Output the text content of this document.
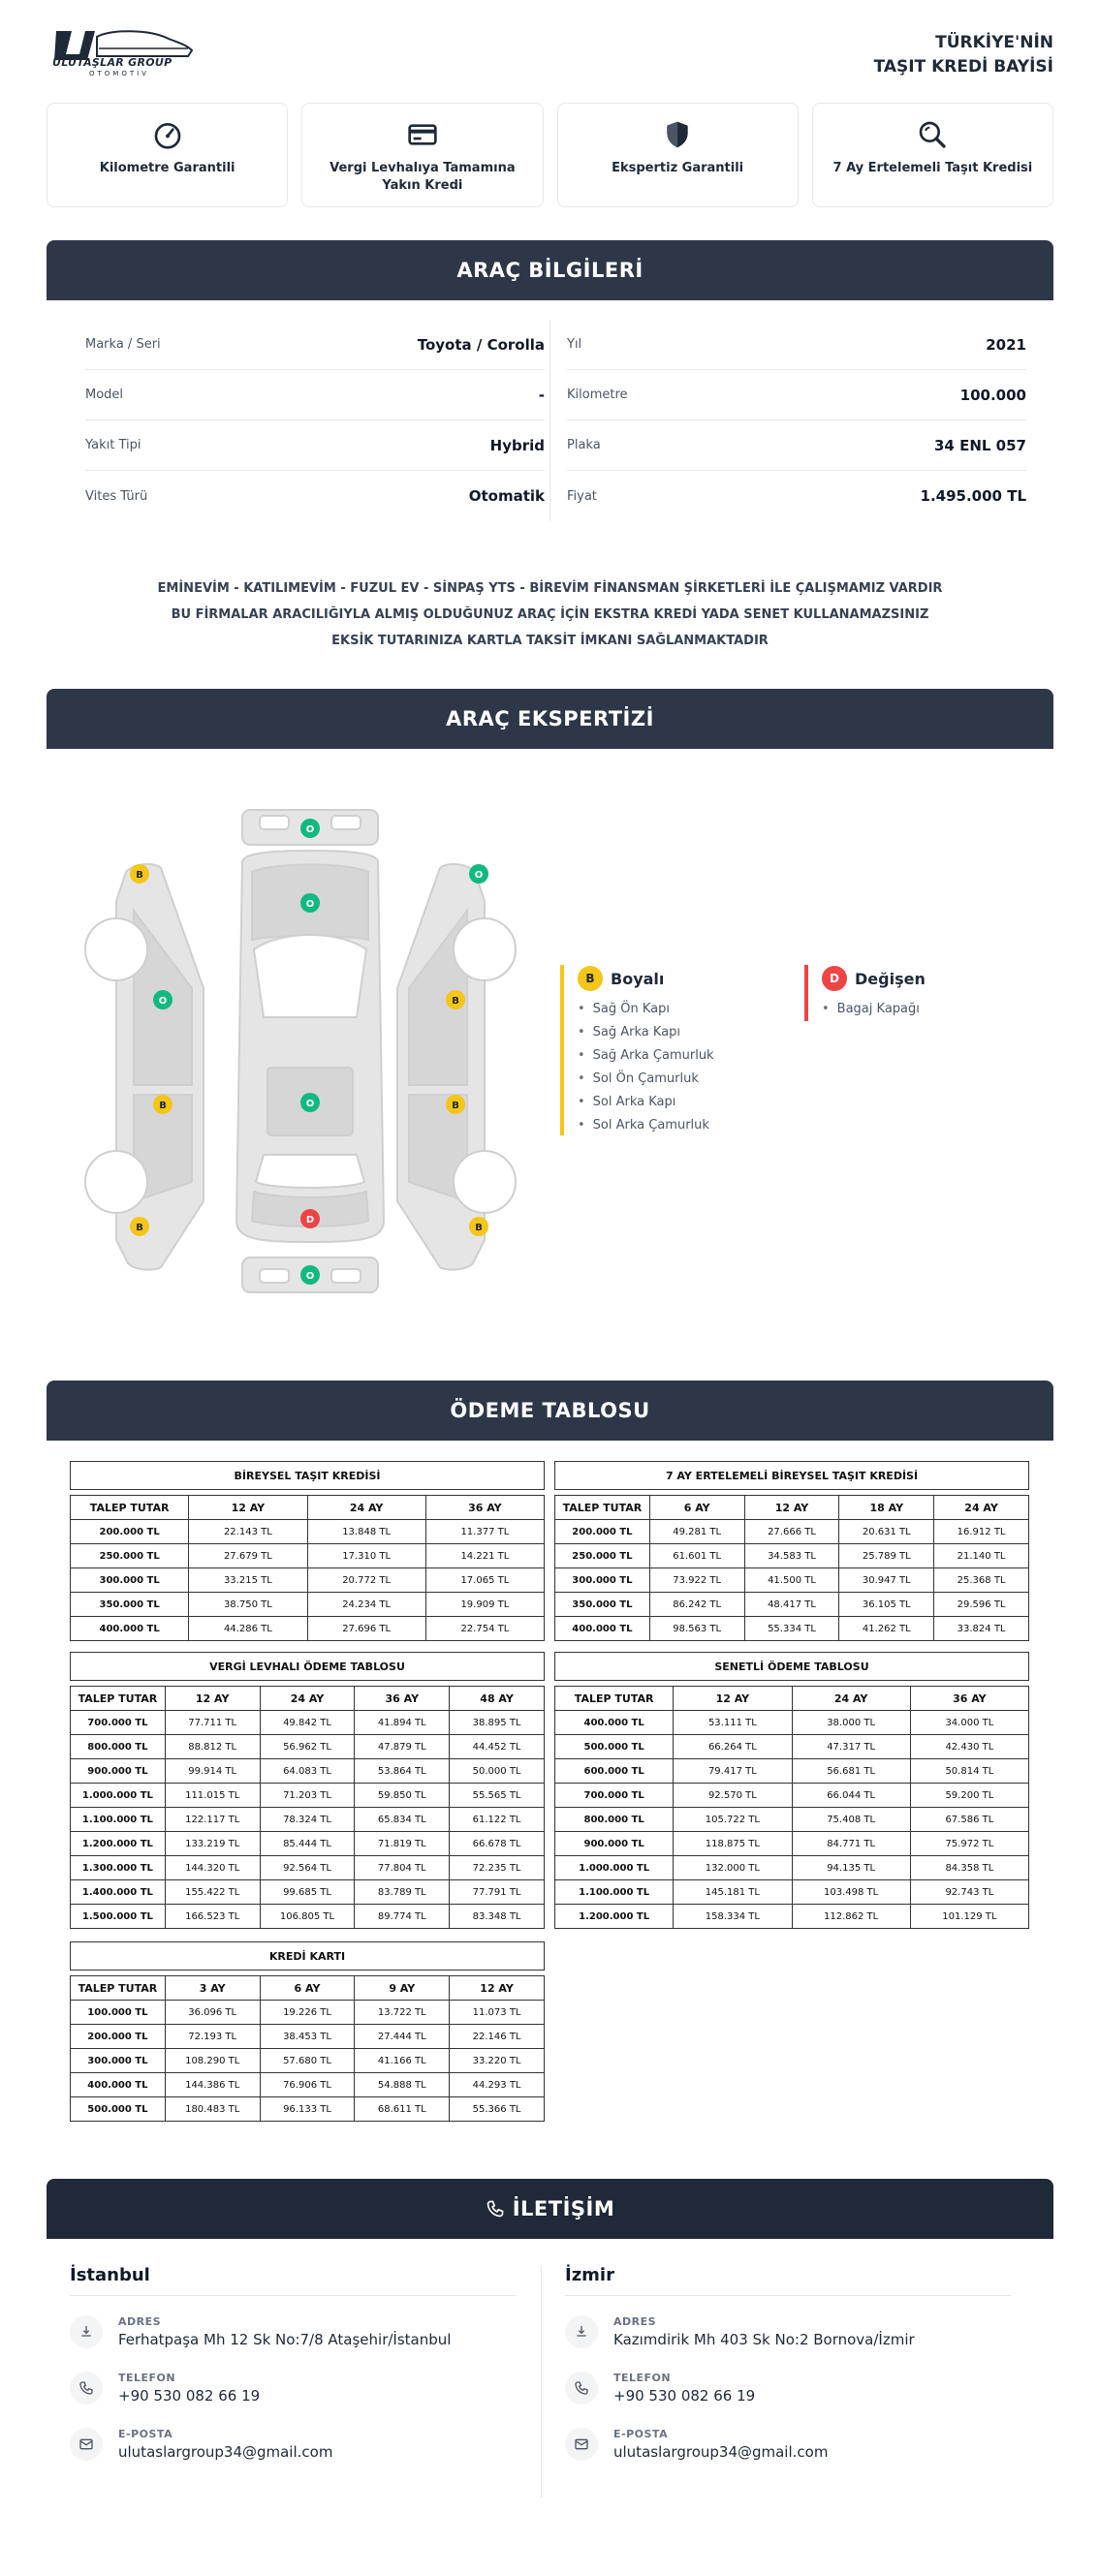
ULUTAŞLAR GROUP
OTOMOTİV
TÜRKİYE'NİN
TAŞIT KREDİ BAYİSİ
Kilometre Garantili	Vergi Levhalıya Tamamına Yakın Kredi
Ekspertiz Garantili	7 Ay Ertelemeli Taşıt Kredisi
ARAÇ BİLGİLERİ
Marka / Seri	Toyota / Corolla
Model	-
Yakıt Tipi	Hybrid
Vites Türü	Otomatik
Yıl	2021
Kilometre	100.000
Plaka	34 ENL 057
Fiyat	1.495.000 TL
EMİNEVİM - KATILIMEVİM - FUZUL EV - SİNPAŞ YTS - BİREVİM FİNANSMAN ŞİRKETLERİ İLE ÇALIŞMAMIZ VARDIR
BU FİRMALAR ARACILIĞIYLA ALMIŞ OLDUĞUNUZ ARAÇ İÇİN EKSTRA KREDİ YADA SENET KULLANAMAZSINIZ
EKSİK TUTARINIZA KARTLA TAKSİT İMKANI SAĞLANMAKTADIR
ARAÇ EKSPERTİZİ
O
O
O
D
O
B
O
B
B
O
B
B
B
B	Boyalı
• Sağ Ön Kapı
• Sağ Arka Kapı
• Sağ Arka Çamurluk
• Sol Ön Çamurluk
• Sol Arka Kapı
• Sol Arka Çamurluk
D	Değişen
• Bagaj Kapağı
ÖDEME TABLOSU
BİREYSEL TAŞIT KREDİSİ
TALEP TUTAR	12 AY	24 AY	36 AY
200.000 TL	22.143 TL	13.848 TL	11.377 TL
250.000 TL	27.679 TL	17.310 TL	14.221 TL
300.000 TL	33.215 TL	20.772 TL	17.065 TL
350.000 TL	38.750 TL	24.234 TL	19.909 TL
400.000 TL	44.286 TL	27.696 TL	22.754 TL
7 AY ERTELEMELİ BİREYSEL TAŞIT KREDİSİ
TALEP TUTAR	6 AY	12 AY	18 AY	24 AY
200.000 TL	49.281 TL	27.666 TL	20.631 TL	16.912 TL
250.000 TL	61.601 TL	34.583 TL	25.789 TL	21.140 TL
300.000 TL	73.922 TL	41.500 TL	30.947 TL	25.368 TL
350.000 TL	86.242 TL	48.417 TL	36.105 TL	29.596 TL
400.000 TL	98.563 TL	55.334 TL	41.262 TL	33.824 TL
VERGİ LEVHALI ÖDEME TABLOSU
TALEP TUTAR	12 AY	24 AY	36 AY	48 AY
700.000 TL	77.711 TL	49.842 TL	41.894 TL	38.895 TL
800.000 TL	88.812 TL	56.962 TL	47.879 TL	44.452 TL
900.000 TL	99.914 TL	64.083 TL	53.864 TL	50.000 TL
1.000.000 TL	111.015 TL	71.203 TL	59.850 TL	55.565 TL
1.100.000 TL	122.117 TL	78.324 TL	65.834 TL	61.122 TL
1.200.000 TL	133.219 TL	85.444 TL	71.819 TL	66.678 TL
1.300.000 TL	144.320 TL	92.564 TL	77.804 TL	72.235 TL
1.400.000 TL	155.422 TL	99.685 TL	83.789 TL	77.791 TL
1.500.000 TL	166.523 TL	106.805 TL	89.774 TL	83.348 TL
SENETLİ ÖDEME TABLOSU
TALEP TUTAR	12 AY	24 AY	36 AY
400.000 TL	53.111 TL	38.000 TL	34.000 TL
500.000 TL	66.264 TL	47.317 TL	42.430 TL
600.000 TL	79.417 TL	56.681 TL	50.814 TL
700.000 TL	92.570 TL	66.044 TL	59.200 TL
800.000 TL	105.722 TL	75.408 TL	67.586 TL
900.000 TL	118.875 TL	84.771 TL	75.972 TL
1.000.000 TL	132.000 TL	94.135 TL	84.358 TL
1.100.000 TL	145.181 TL	103.498 TL	92.743 TL
1.200.000 TL	158.334 TL	112.862 TL	101.129 TL
KREDİ KARTI
TALEP TUTAR	3 AY	6 AY	9 AY	12 AY
100.000 TL	36.096 TL	19.226 TL	13.722 TL	11.073 TL
200.000 TL	72.193 TL	38.453 TL	27.444 TL	22.146 TL
300.000 TL	108.290 TL	57.680 TL	41.166 TL	33.220 TL
400.000 TL	144.386 TL	76.906 TL	54.888 TL	44.293 TL
500.000 TL	180.483 TL	96.133 TL	68.611 TL	55.366 TL
İLETİŞİM
İstanbul
ADRES
Ferhatpaşa Mh 12 Sk No:7/8 Ataşehir/İstanbul
TELEFON
+90 530 082 66 19
E-POSTA
ulutaslargroup34@gmail.com
İzmir
ADRES
Kazımdirik Mh 403 Sk No:2 Bornova/İzmir
TELEFON
+90 530 082 66 19
E-POSTA
ulutaslargroup34@gmail.com
